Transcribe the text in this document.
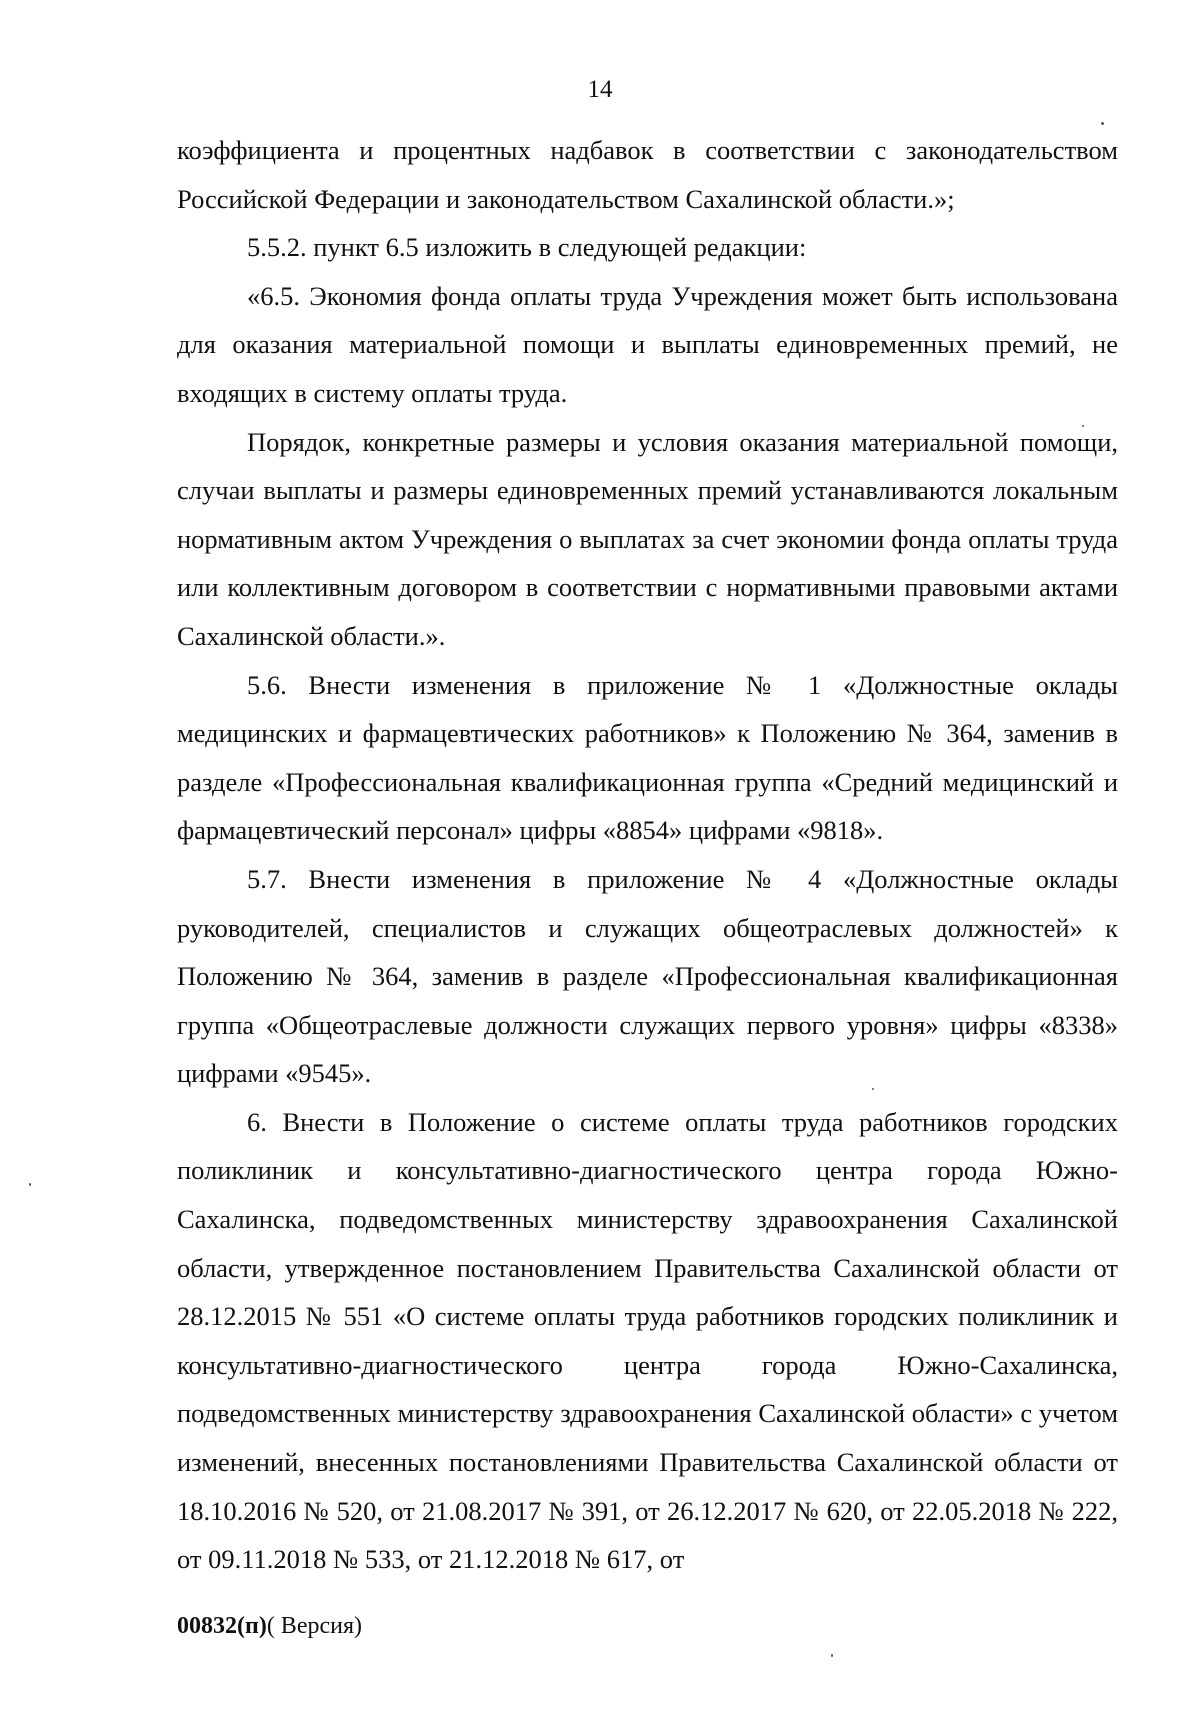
14

коэффициента и процентных надбавок в соответствии с законодательством Российской Федерации и законодательством Сахалинской области.»;

5.5.2. пункт 6.5 изложить в следующей редакции:

«6.5. Экономия фонда оплаты труда Учреждения может быть использована для оказания материальной помощи и выплаты единовременных премий, не входящих в систему оплаты труда.

Порядок, конкретные размеры и условия оказания материальной помощи, случаи выплаты и размеры единовременных премий устанавливаются локальным нормативным актом Учреждения о выплатах за счет экономии фонда оплаты труда или коллективным договором в соответствии с нормативными правовыми актами Сахалинской области.».

5.6. Внести изменения в приложение № 1 «Должностные оклады медицинских и фармацевтических работников» к Положению № 364, заменив в разделе «Профессиональная квалификационная группа «Средний медицинский и фармацевтический персонал» цифры «8854» цифрами «9818».

5.7. Внести изменения в приложение № 4 «Должностные оклады руководителей, специалистов и служащих общеотраслевых должностей» к Положению № 364, заменив в разделе «Профессиональная квалификационная группа «Общеотраслевые должности служащих первого уровня» цифры «8338» цифрами «9545».

6. Внести в Положение о системе оплаты труда работников городских поликлиник и консультативно-диагностического центра города Южно-Сахалинска, подведомственных министерству здравоохранения Сахалинской области, утвержденное постановлением Правительства Сахалинской области от 28.12.2015 № 551 «О системе оплаты труда работников городских поликлиник и консультативно-диагностического центра города Южно-Сахалинска, подведомственных министерству здравоохранения Сахалинской области» с учетом изменений, внесенных постановлениями Правительства Сахалинской области от 18.10.2016 № 520, от 21.08.2017 № 391, от 26.12.2017 № 620, от 22.05.2018 № 222, от 09.11.2018 № 533, от 21.12.2018 № 617, от

00832(п)( Версия)
